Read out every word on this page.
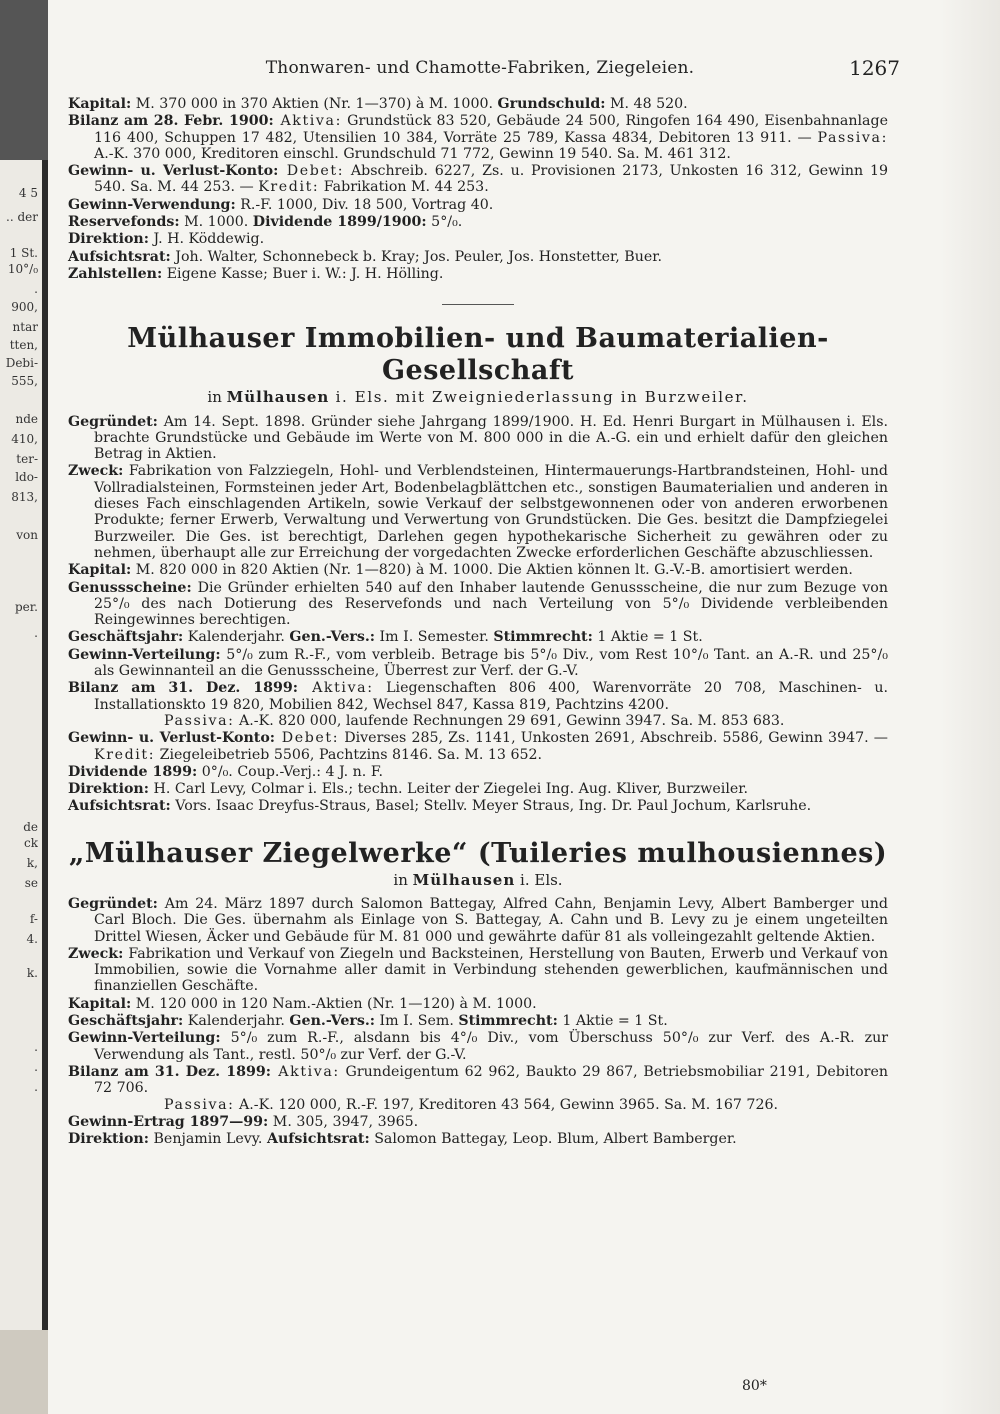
4 5
.. der
1 St.
10°/₀
.
900,
ntar
tten,
Debi-
555,
nde
410,
ter-
ldo-
813,
von
per.
.
de
ck
k,
se
f-
4.
k.
.
.
.
Thonwaren- und Chamotte-Fabriken, Ziegeleien.	1267
Kapital: M. 370 000 in 370 Aktien (Nr. 1—370) à M. 1000. Grundschuld: M. 48 520.
Bilanz am 28. Febr. 1900: Aktiva: Grundstück 83 520, Gebäude 24 500, Ringofen 164 490, Eisenbahnanlage 116 400, Schuppen 17 482, Utensilien 10 384, Vorräte 25 789, Kassa 4834, Debitoren 13 911. — Passiva: A.-K. 370 000, Kreditoren einschl. Grundschuld 71 772, Gewinn 19 540. Sa. M. 461 312.
Gewinn- u. Verlust-Konto: Debet: Abschreib. 6227, Zs. u. Provisionen 2173, Unkosten 16 312, Gewinn 19 540. Sa. M. 44 253. — Kredit: Fabrikation M. 44 253.
Gewinn-Verwendung: R.-F. 1000, Div. 18 500, Vortrag 40.
Reservefonds: M. 1000. Dividende 1899/1900: 5°/₀.
Direktion: J. H. Köddewig.
Aufsichtsrat: Joh. Walter, Schonnebeck b. Kray; Jos. Peuler, Jos. Honstetter, Buer.
Zahlstellen: Eigene Kasse; Buer i. W.: J. H. Hölling.
Mülhauser Immobilien- und Baumaterialien-Gesellschaft
in Mülhausen i. Els. mit Zweigniederlassung in Burzweiler.
Gegründet: Am 14. Sept. 1898. Gründer siehe Jahrgang 1899/1900. H. Ed. Henri Burgart in Mülhausen i. Els. brachte Grundstücke und Gebäude im Werte von M. 800 000 in die A.-G. ein und erhielt dafür den gleichen Betrag in Aktien.
Zweck: Fabrikation von Falzziegeln, Hohl- und Verblendsteinen, Hintermauerungs-Hartbrandsteinen, Hohl- und Vollradialsteinen, Formsteinen jeder Art, Bodenbelagblättchen etc., sonstigen Baumaterialien und anderen in dieses Fach einschlagenden Artikeln, sowie Verkauf der selbstgewonnenen oder von anderen erworbenen Produkte; ferner Erwerb, Verwaltung und Verwertung von Grundstücken. Die Ges. besitzt die Dampfziegelei Burzweiler. Die Ges. ist berechtigt, Darlehen gegen hypothekarische Sicherheit zu gewähren oder zu nehmen, überhaupt alle zur Erreichung der vorgedachten Zwecke erforderlichen Geschäfte abzuschliessen.
Kapital: M. 820 000 in 820 Aktien (Nr. 1—820) à M. 1000. Die Aktien können lt. G.-V.-B. amortisiert werden.
Genussscheine: Die Gründer erhielten 540 auf den Inhaber lautende Genussscheine, die nur zum Bezuge von 25°/₀ des nach Dotierung des Reservefonds und nach Verteilung von 5°/₀ Dividende verbleibenden Reingewinnes berechtigen.
Geschäftsjahr: Kalenderjahr. Gen.-Vers.: Im I. Semester. Stimmrecht: 1 Aktie = 1 St.
Gewinn-Verteilung: 5°/₀ zum R.-F., vom verbleib. Betrage bis 5°/₀ Div., vom Rest 10°/₀ Tant. an A.-R. und 25°/₀ als Gewinnanteil an die Genussscheine, Überrest zur Verf. der G.-V.
Bilanz am 31. Dez. 1899: Aktiva: Liegenschaften 806 400, Warenvorräte 20 708, Maschinen- u. Installationskto 19 820, Mobilien 842, Wechsel 847, Kassa 819, Pachtzins 4200.
Passiva: A.-K. 820 000, laufende Rechnungen 29 691, Gewinn 3947. Sa. M. 853 683.
Gewinn- u. Verlust-Konto: Debet: Diverses 285, Zs. 1141, Unkosten 2691, Abschreib. 5586, Gewinn 3947. — Kredit: Ziegeleibetrieb 5506, Pachtzins 8146. Sa. M. 13 652.
Dividende 1899: 0°/₀. Coup.-Verj.: 4 J. n. F.
Direktion: H. Carl Levy, Colmar i. Els.; techn. Leiter der Ziegelei Ing. Aug. Kliver, Burzweiler.
Aufsichtsrat: Vors. Isaac Dreyfus-Straus, Basel; Stellv. Meyer Straus, Ing. Dr. Paul Jochum, Karlsruhe.
„Mülhauser Ziegelwerke“ (Tuileries mulhousiennes)
in Mülhausen i. Els.
Gegründet: Am 24. März 1897 durch Salomon Battegay, Alfred Cahn, Benjamin Levy, Albert Bamberger und Carl Bloch. Die Ges. übernahm als Einlage von S. Battegay, A. Cahn und B. Levy zu je einem ungeteilten Drittel Wiesen, Äcker und Gebäude für M. 81 000 und gewährte dafür 81 als volleingezahlt geltende Aktien.
Zweck: Fabrikation und Verkauf von Ziegeln und Backsteinen, Herstellung von Bauten, Erwerb und Verkauf von Immobilien, sowie die Vornahme aller damit in Verbindung stehenden gewerblichen, kaufmännischen und finanziellen Geschäfte.
Kapital: M. 120 000 in 120 Nam.-Aktien (Nr. 1—120) à M. 1000.
Geschäftsjahr: Kalenderjahr. Gen.-Vers.: Im I. Sem. Stimmrecht: 1 Aktie = 1 St.
Gewinn-Verteilung: 5°/₀ zum R.-F., alsdann bis 4°/₀ Div., vom Überschuss 50°/₀ zur Verf. des A.-R. zur Verwendung als Tant., restl. 50°/₀ zur Verf. der G.-V.
Bilanz am 31. Dez. 1899: Aktiva: Grundeigentum 62 962, Baukto 29 867, Betriebsmobiliar 2191, Debitoren 72 706.
Passiva: A.-K. 120 000, R.-F. 197, Kreditoren 43 564, Gewinn 3965. Sa. M. 167 726.
Gewinn-Ertrag 1897—99: M. 305, 3947, 3965.
Direktion: Benjamin Levy. Aufsichtsrat: Salomon Battegay, Leop. Blum, Albert Bamberger.
80*
